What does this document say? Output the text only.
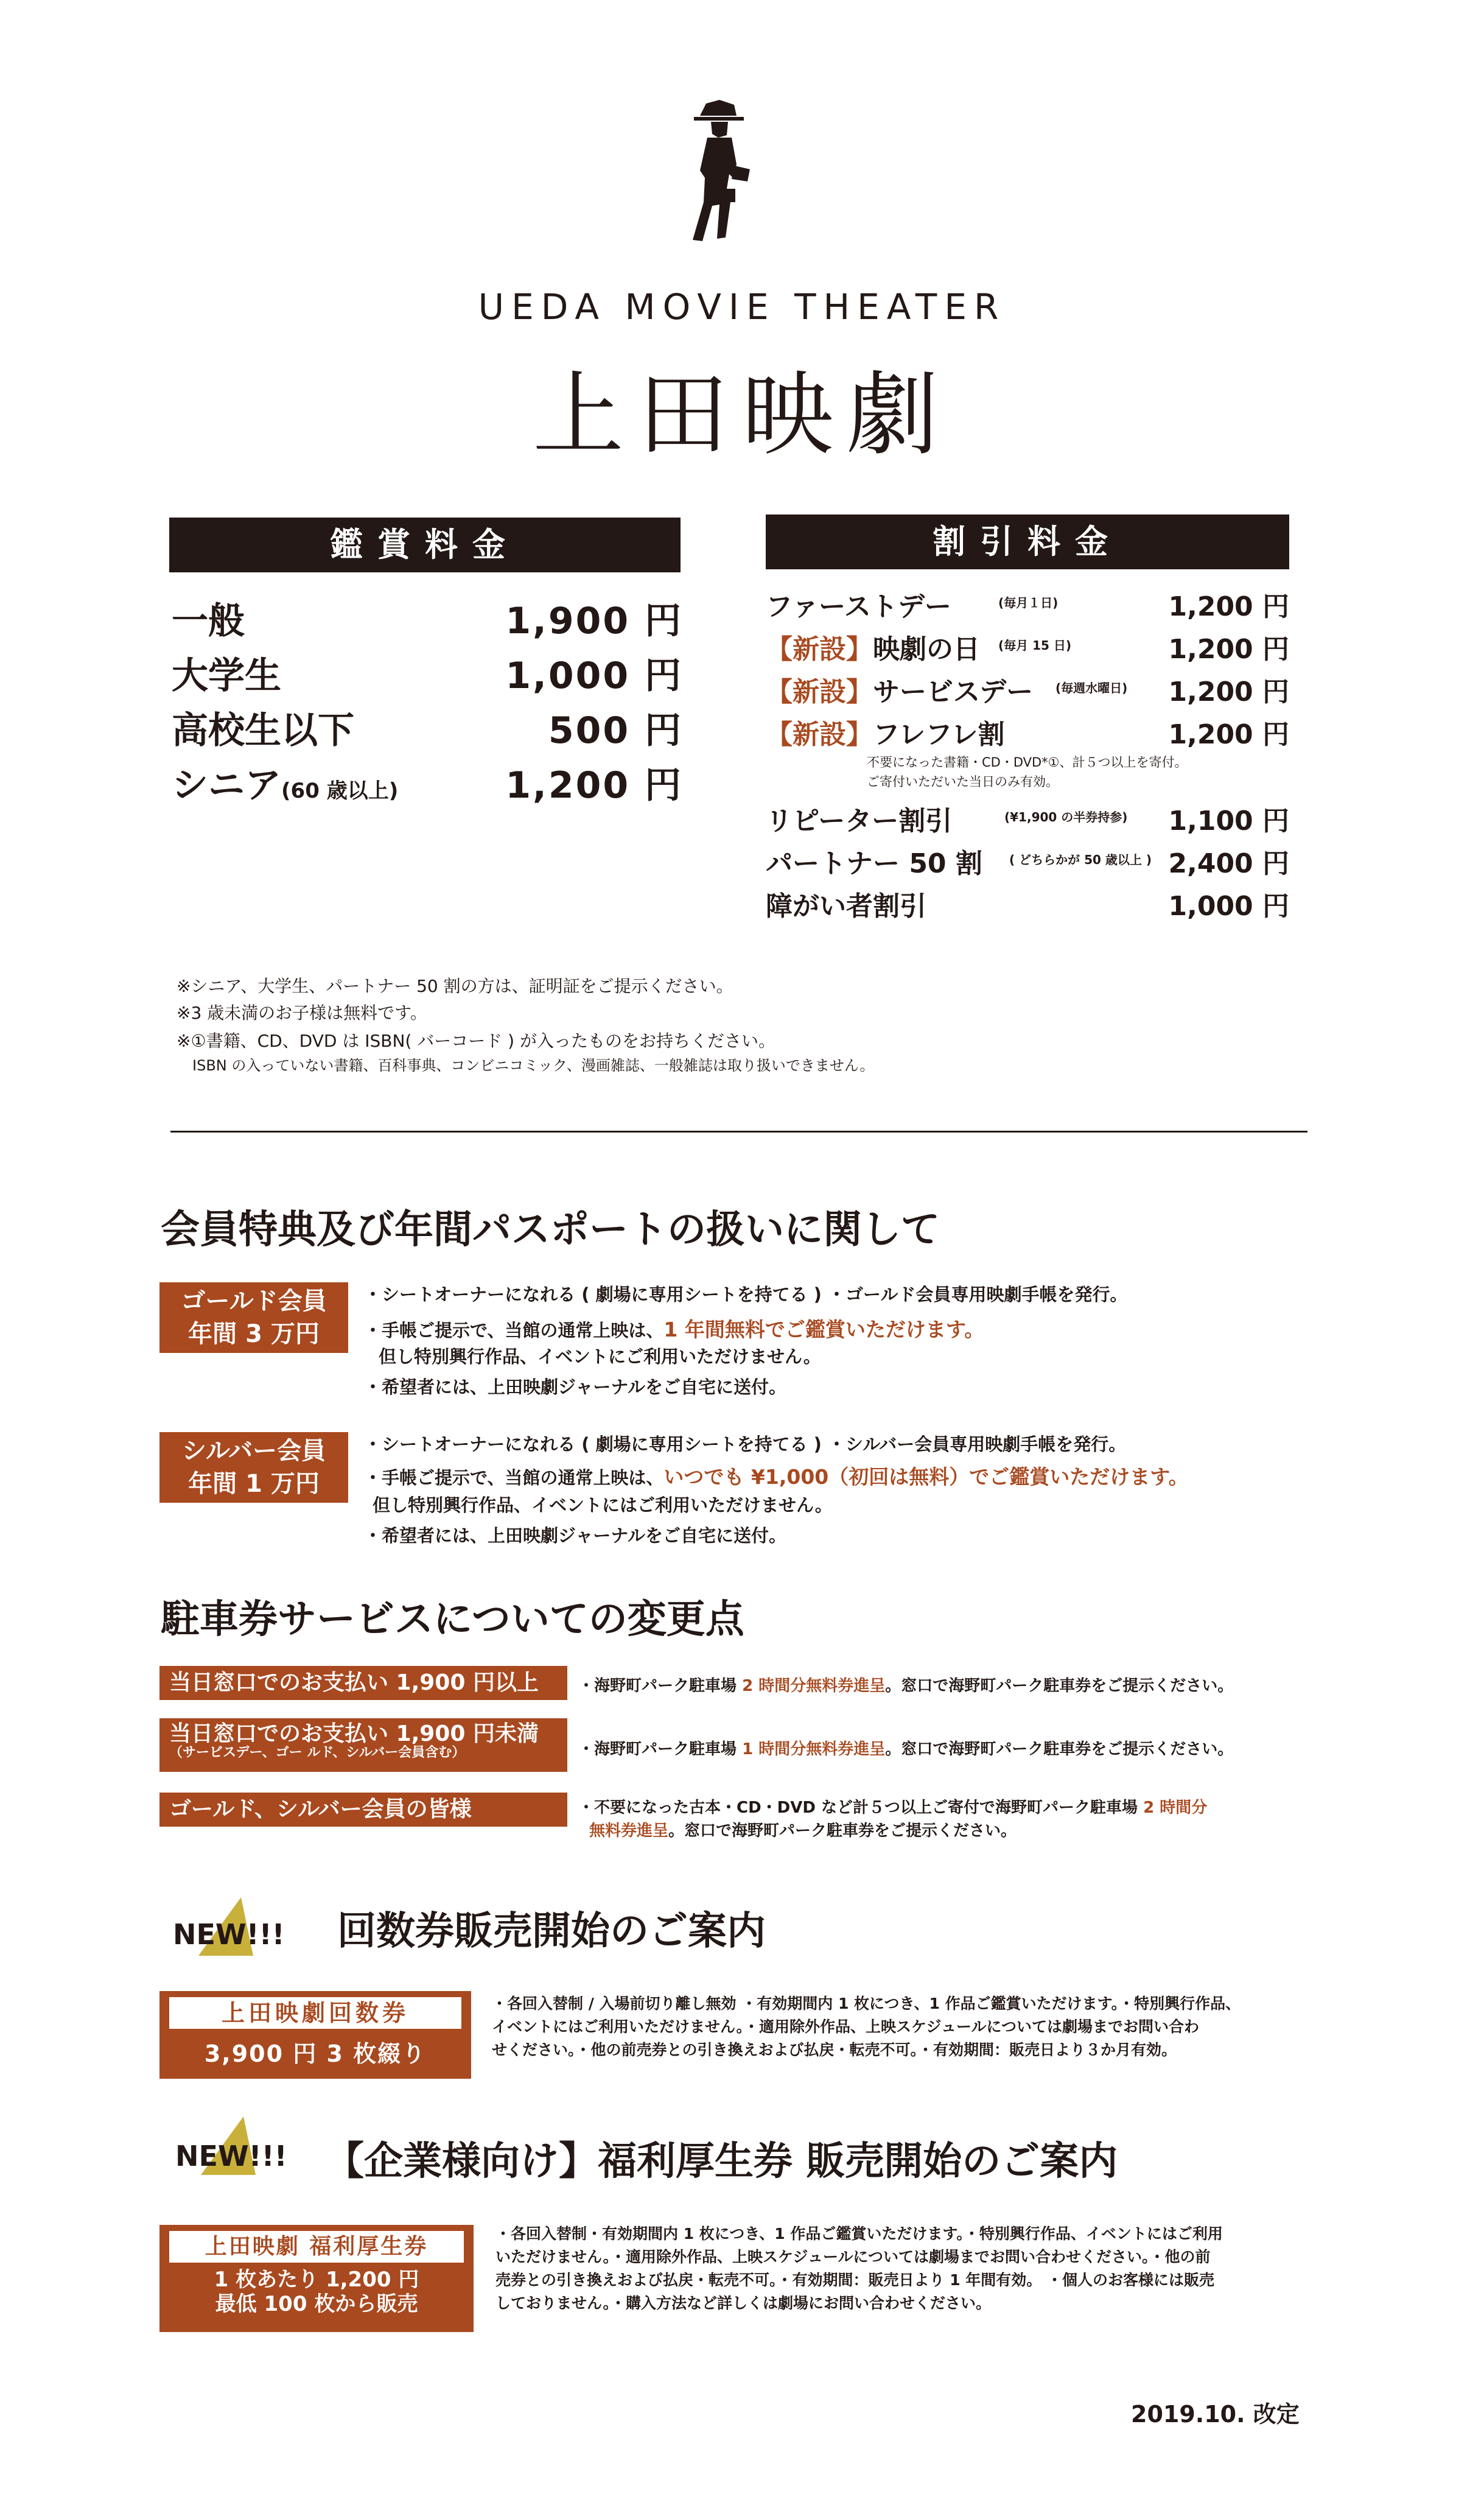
UEDA MOVIE THEATER
上田映劇
鑑賞料金
一般	1,900 円
大学生	1,000 円
高校生以下	500 円
シニア(60 歳以上)	1,200 円
割引料金
ファーストデー	(毎月１日)	1,200 円
【新設】映劇の日 (毎月 15 日)	1,200 円
【新設】サービスデー (毎週水曜日) 1,200 円
【新設】フレフレ割	1,200 円
不要になった書籍・CD・DVD*①、計５つ以上を寄付。
ご寄付いただいた当日のみ有効。
リピーター割引	(¥1,900 の半券持参) 1,100 円
パートナー 50 割 ( どちらかが 50 歳以上 ) 2,400 円
障がい者割引	1,000 円
※シニア、大学生、パートナー 50 割の方は、証明証をご提示ください。
※3 歳未満のお子様は無料です。
※①書籍、CD、DVD は ISBN( バーコード ) が入ったものをお持ちください。
ISBN の入っていない書籍、百科事典、コンビニコミック、漫画雑誌、一般雑誌は取り扱いできません。
会員特典及び年間パスポートの扱いに関して
ゴールド会員
年間 3 万円
・シートオーナーになれる ( 劇場に専用シートを持てる ) ・ゴールド会員専用映劇手帳を発行。
・手帳ご提示で、当館の通常上映は、1 年間無料でご鑑賞いただけます。
但し特別興行作品、イベントにご利用いただけません。
・希望者には、上田映劇ジャーナルをご自宅に送付。
シルバー会員
年間 1 万円
・シートオーナーになれる ( 劇場に専用シートを持てる ) ・シルバー会員専用映劇手帳を発行。
・手帳ご提示で、当館の通常上映は、いつでも ¥1,000（初回は無料）でご鑑賞いただけます。
但し特別興行作品、イベントにはご利用いただけません。
・希望者には、上田映劇ジャーナルをご自宅に送付。
駐車券サービスについての変更点
当日窓口でのお支払い 1,900 円以上	・海野町パーク駐車場 2 時間分無料券進呈。窓口で海野町パーク駐車券をご提示ください。
当日窓口でのお支払い 1,900 円未満
（サービスデー、ゴー ルド、シルバー会員含む）	・海野町パーク駐車場 1 時間分無料券進呈。窓口で海野町パーク駐車券をご提示ください。
ゴールド、シルバー会員の皆様	・不要になった古本・CD・DVD など計５つ以上ご寄付で海野町パーク駐車場 2 時間分
無料券進呈。窓口で海野町パーク駐車券をご提示ください。
NEW!!! 回数券販売開始のご案内
上田映劇回数券
3,900 円 3 枚綴り
・各回入替制 / 入場前切り離し無効 ・有効期間内 1 枚につき、1 作品ご鑑賞いただけます。・特別興行作品、
イベントにはご利用いただけません。・適用除外作品、上映スケジュールについては劇場までお問い合わ
せください。・他の前売券との引き換えおよび払戻・転売不可。・有効期間：販売日より３か月有効。
NEW!!! 【企業様向け】福利厚生券 販売開始のご案内
上田映劇 福利厚生券
1 枚あたり 1,200 円
最低 100 枚から販売
・各回入替制・有効期間内 1 枚につき、1 作品ご鑑賞いただけます。・特別興行作品、イベントにはご利用
いただけません。・適用除外作品、上映スケジュールについては劇場までお問い合わせください。・他の前
売券との引き換えおよび払戻・転売不可。・有効期間：販売日より 1 年間有効。 ・個人のお客様には販売
しておりません。・購入方法など詳しくは劇場にお問い合わせください。
2019.10. 改定
